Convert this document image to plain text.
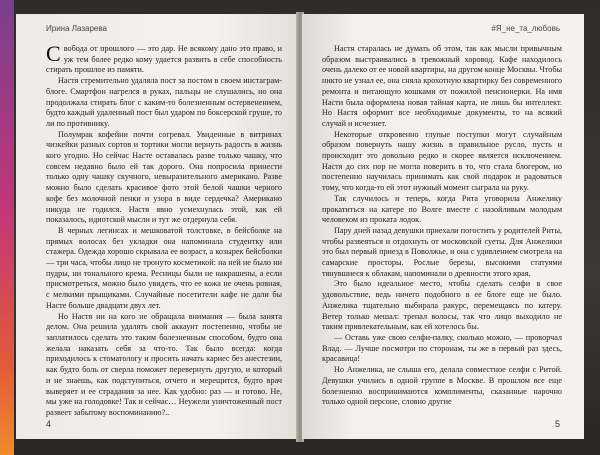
Ирина Лазарева

Свобода от прошлого — это дар. Не всякому дано это право, и уж тем более редко кому удается развить в себе способность стирать прошлое из памяти.

Настя стремительно удаляла пост за постом в своем инстаграм-блоге. Смартфон нагрелся в руках, пальцы не слушались, но она продолжала стирать блог с каким-то болезненным остервенением, будто каждый удаленный пост был ударом по боксерской груше, то ли по противнику.

Полумрак кофейни почти согревал. Увиденные в витринах чизкейки разных сортов и тортики могли вернуть радость в жизнь кого угодно. Но сейчас Насте оставалась разве только чашку, что совсем недавно было ей так дорого. Она попросила принести только одну чашку скучного, невыразительного американо. Разве можно было сделать красивое фото этой белой чашки черного кофе без молочной пенки и узора в виде сердечка? Американо никуда не годился. Настя явно усмехнулась этой, как ей показалось, идиотской мысли и тут же отдернула себя.

В черных легинсах и мешковатой толстовке, в бейсболке на прямых волосах без укладки она напоминала студентку или стажера. Одежда хорошо скрывала ее возраст, а козырек бейсболки — три часа, чтобы лицо не тронуто косметикой: на ней не было ни пудры, ни тонального крема. Ресницы были не накрашены, а если присмотреться, можно было увидеть, что ее кожа не очень ровная, с мелкими прыщиками. Случайные посетители кафе не дали бы Насте больше двадцати двух лет.

Но Настя ни на кого не обращала внимания — была занята делом. Она решила удалять свой аккаунт постепенно, чтобы не заплатилось сделать это таким болезненным способом, будто она желала наказать себя за что-то. Так было всегда: когда приходилось к стоматологу и просить начать кариес без анестезии, как будто боль от сверла поможет перевернуть другую, и который и не знаешь, как подступиться, отчего и мерещится, будто врач выверяет и ее страдания за нее. Как удобно: раз — и готово. Не, мы уже на голодовке! Так и сейчас… Неужели уничтоженный пост развеет забытому воспоминанию?..

4
#Я_не_та_любовь

Настя старалась не думать об этом, так как мысли привычным образом выстраивались в тревожный хоровод. Кафе находилось очень далеко от ее новой квартиры, на другом конце Москвы. Чтобы никто не узнал ее, она сняла крохотную квартирку без современного ремонта и питающую кошками от пожилой пенсионерки. На имя Насти была оформлена новая тайная карта, не лишь бы интеллект. Но Настя оформит все необходимые документы, то на всякий случай и исчезнет.

Некоторые откровенно глупые поступки могут случайным образом повернуть нашу жизнь в правильное русло, пусть и происходит это довольно редко и скорее является исключением. Настя до сих пор не могла поверить в то, что стала блогером, но постепенно научилась принимать как свой подарок и радоваться тому, что когда-то ей этот нужный момент сыграла на руку.

Так случилось и теперь, когда Рита уговорила Анжелику прокатиться на катере по Волге вместе с назойливым молодым человеком из проката лодок.

Пару дней назад девушки приехали погостить у родителей Риты, чтобы развеяться и отдохнуть от московской суеты. Для Анжелики это был первый приезд в Поволжье, и она с удивлением смотрела на самарские просторы. Рослые березы, высокими статуями тянувшиеся к облакам, напоминали о древности этого края.

Это было идеальное место, чтобы сделать селфи в свое удовольствие, ведь ничего подобного в ее блоге еще не было. Анжелика тщательно выбирала ракурс, перемещаясь по катеру. Ветер только мешал: трепал волосы, так что лицо выходило не таким привлекательным, как ей хотелось бы.

— Оставь уже свою селфи-палку, сколько можно, — проворчал Влад. — Лучше посмотри по сторонам, ты же в первый раз здесь, красавица!

Но Анжелика, не слыша его, делала совместное селфи с Ритой. Девушки учились в одной группе в Москве. В прошлом все еще болезненно воспринимаются комплименты, сказанные нарочно только одной персоне, словно другие

5
